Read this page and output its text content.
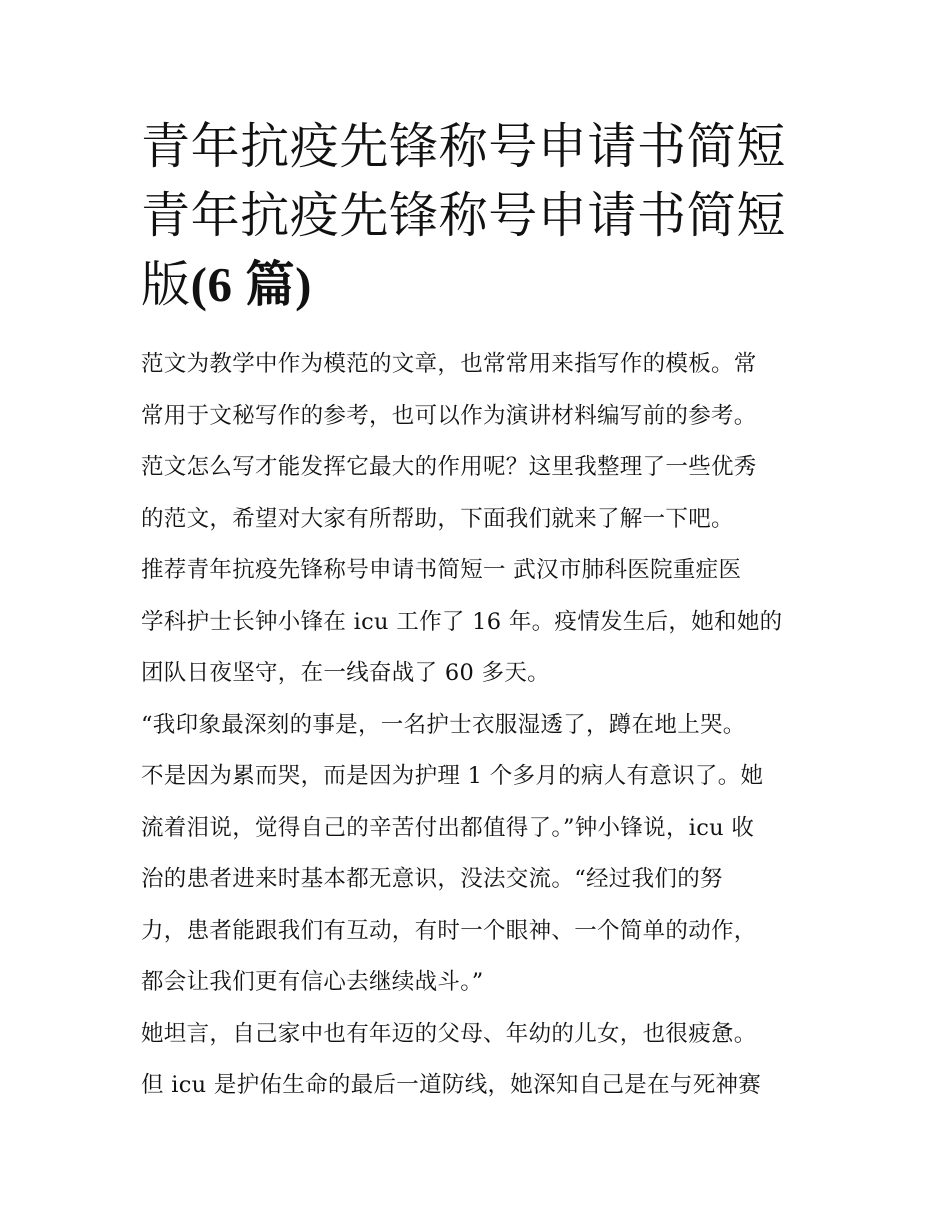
青年抗疫先锋称号申请书简短
青年抗疫先锋称号申请书简短
版(6 篇)
范文为教学中作为模范的文章，也常常用来指写作的模板。常
常用于文秘写作的参考，也可以作为演讲材料编写前的参考。
范文怎么写才能发挥它最大的作用呢？这里我整理了一些优秀
的范文，希望对大家有所帮助，下面我们就来了解一下吧。
推荐青年抗疫先锋称号申请书简短一 武汉市肺科医院重症医
学科护士长钟小锋在 icu 工作了 16 年。疫情发生后，她和她的
团队日夜坚守，在一线奋战了 60 多天。
“我印象最深刻的事是，一名护士衣服湿透了，蹲在地上哭。
不是因为累而哭，而是因为护理 1 个多月的病人有意识了。她
流着泪说，觉得自己的辛苦付出都值得了。”钟小锋说，icu 收
治的患者进来时基本都无意识，没法交流。“经过我们的努
力，患者能跟我们有互动，有时一个眼神、一个简单的动作，
都会让我们更有信心去继续战斗。”
她坦言，自己家中也有年迈的父母、年幼的儿女，也很疲惫。
但 icu 是护佑生命的最后一道防线，她深知自己是在与死神赛
